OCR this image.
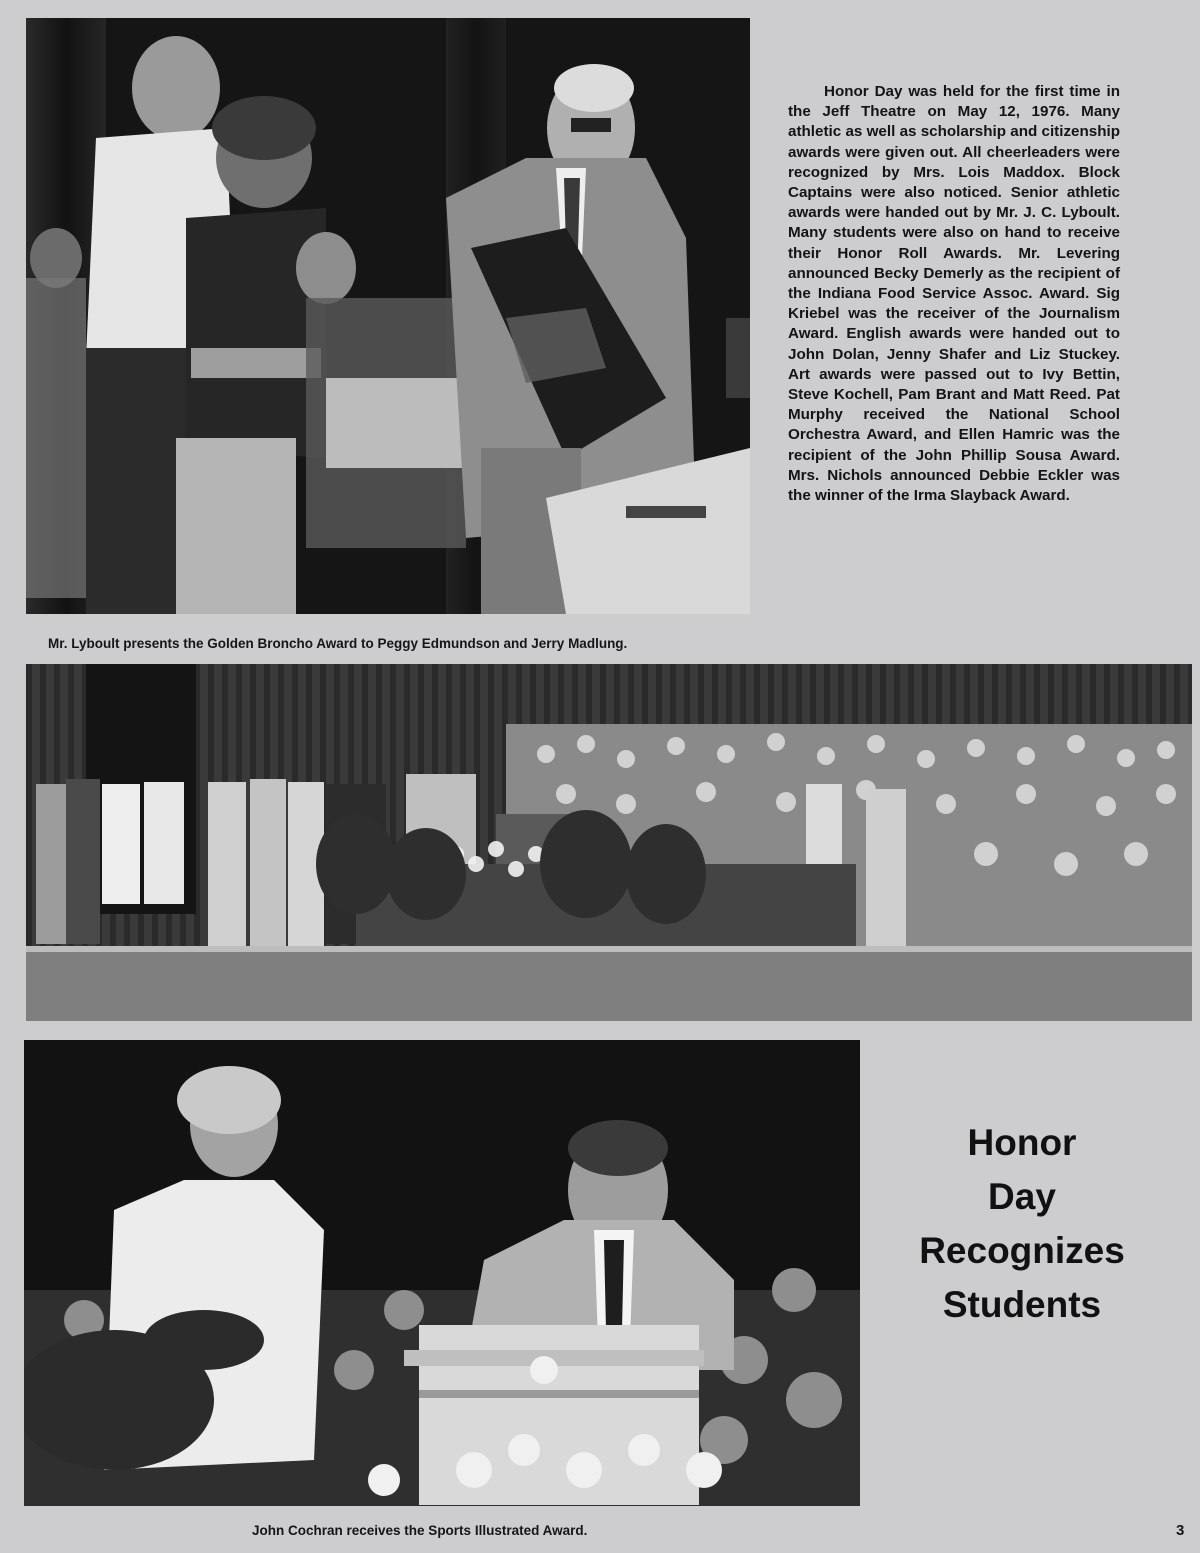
Mr. Lyboult presents the Golden Broncho Award to Peggy Edmundson and Jerry Madlung.

Honor Day was held for the first time in the Jeff Theatre on May 12, 1976. Many athletic as well as scholarship and citizenship awards were given out. All cheerleaders were recognized by Mrs. Lois Maddox. Block Captains were also noticed. Senior athletic awards were handed out by Mr. J. C. Lyboult. Many students were also on hand to receive their Honor Roll Awards. Mr. Levering announced Becky Demerly as the recipient of the Indiana Food Service Assoc. Award. Sig Kriebel was the receiver of the Journalism Award. English awards were handed out to John Dolan, Jenny Shafer and Liz Stuckey. Art awards were passed out to Ivy Bettin, Steve Kochell, Pam Brant and Matt Reed. Pat Murphy received the National School Orchestra Award, and Ellen Hamric was the recipient of the John Phillip Sousa Award. Mrs. Nichols announced Debbie Eckler was the winner of the Irma Slayback Award.

Honor
Day
Recognizes
Students
John Cochran receives the Sports Illustrated Award.	3
